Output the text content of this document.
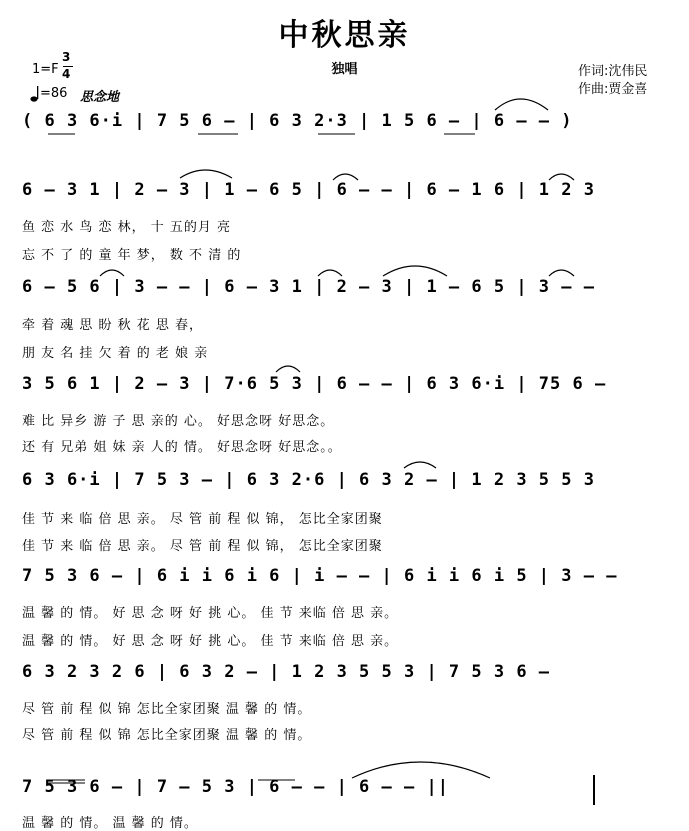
中秋思亲
独唱	作词:沈伟民
作曲:贾金喜
1=F
3
4
=86 思念地
( 6 3 6·i | 7 5 6 – | 6 3 2·3 | 1 5 6 – | 6 – – )
6 – 3 1 | 2 – 3 | 1 – 6 5 | 6 – – | 6 – 1 6 | 1 2 3
鱼 恋 水 鸟 恋 林， 十 五的月 亮
忘 不 了 的 童 年 梦， 数 不 清 的
6 – 5 6 | 3 – – | 6 – 3 1 | 2 – 3 | 1 – 6 5 | 3 – –
牵 着 魂 思 盼 秋 花 思 春，
朋 友 名 挂 欠 着 的 老 娘 亲
3 5 6 1 | 2 – 3 | 7·6 5 3 | 6 – – | 6 3 6·i | 75 6 –
难 比 异乡 游 子 思 亲的 心。 好思念呀 好思念。
还 有 兄弟 姐 妹 亲 人的 情。 好思念呀 好思念。。
6 3 6·i | 7 5 3 – | 6 3 2·6 | 6 3 2 – | 1 2 3 5 5 3
佳 节 来 临 倍 思 亲。 尽 管 前 程 似 锦， 怎比全家团聚
佳 节 来 临 倍 思 亲。 尽 管 前 程 似 锦， 怎比全家团聚
7 5 3 6 – | 6 i i 6 i 6 | i – – | 6 i i 6 i 5 | 3 – –
温 馨 的 情。 好 思 念 呀 好 挑 心。 佳 节 来临 倍 思 亲。
温 馨 的 情。 好 思 念 呀 好 挑 心。 佳 节 来临 倍 思 亲。
6 3 2 3 2 6 | 6 3 2 – | 1 2 3 5 5 3 | 7 5 3 6 –
尽 管 前 程 似 锦 怎比全家团聚 温 馨 的 情。
尽 管 前 程 似 锦 怎比全家团聚 温 馨 的 情。
7 5 3 6 – | 7 – 5 3 | 6 – – | 6 – – ||
温 馨 的 情。 温 馨 的 情。
